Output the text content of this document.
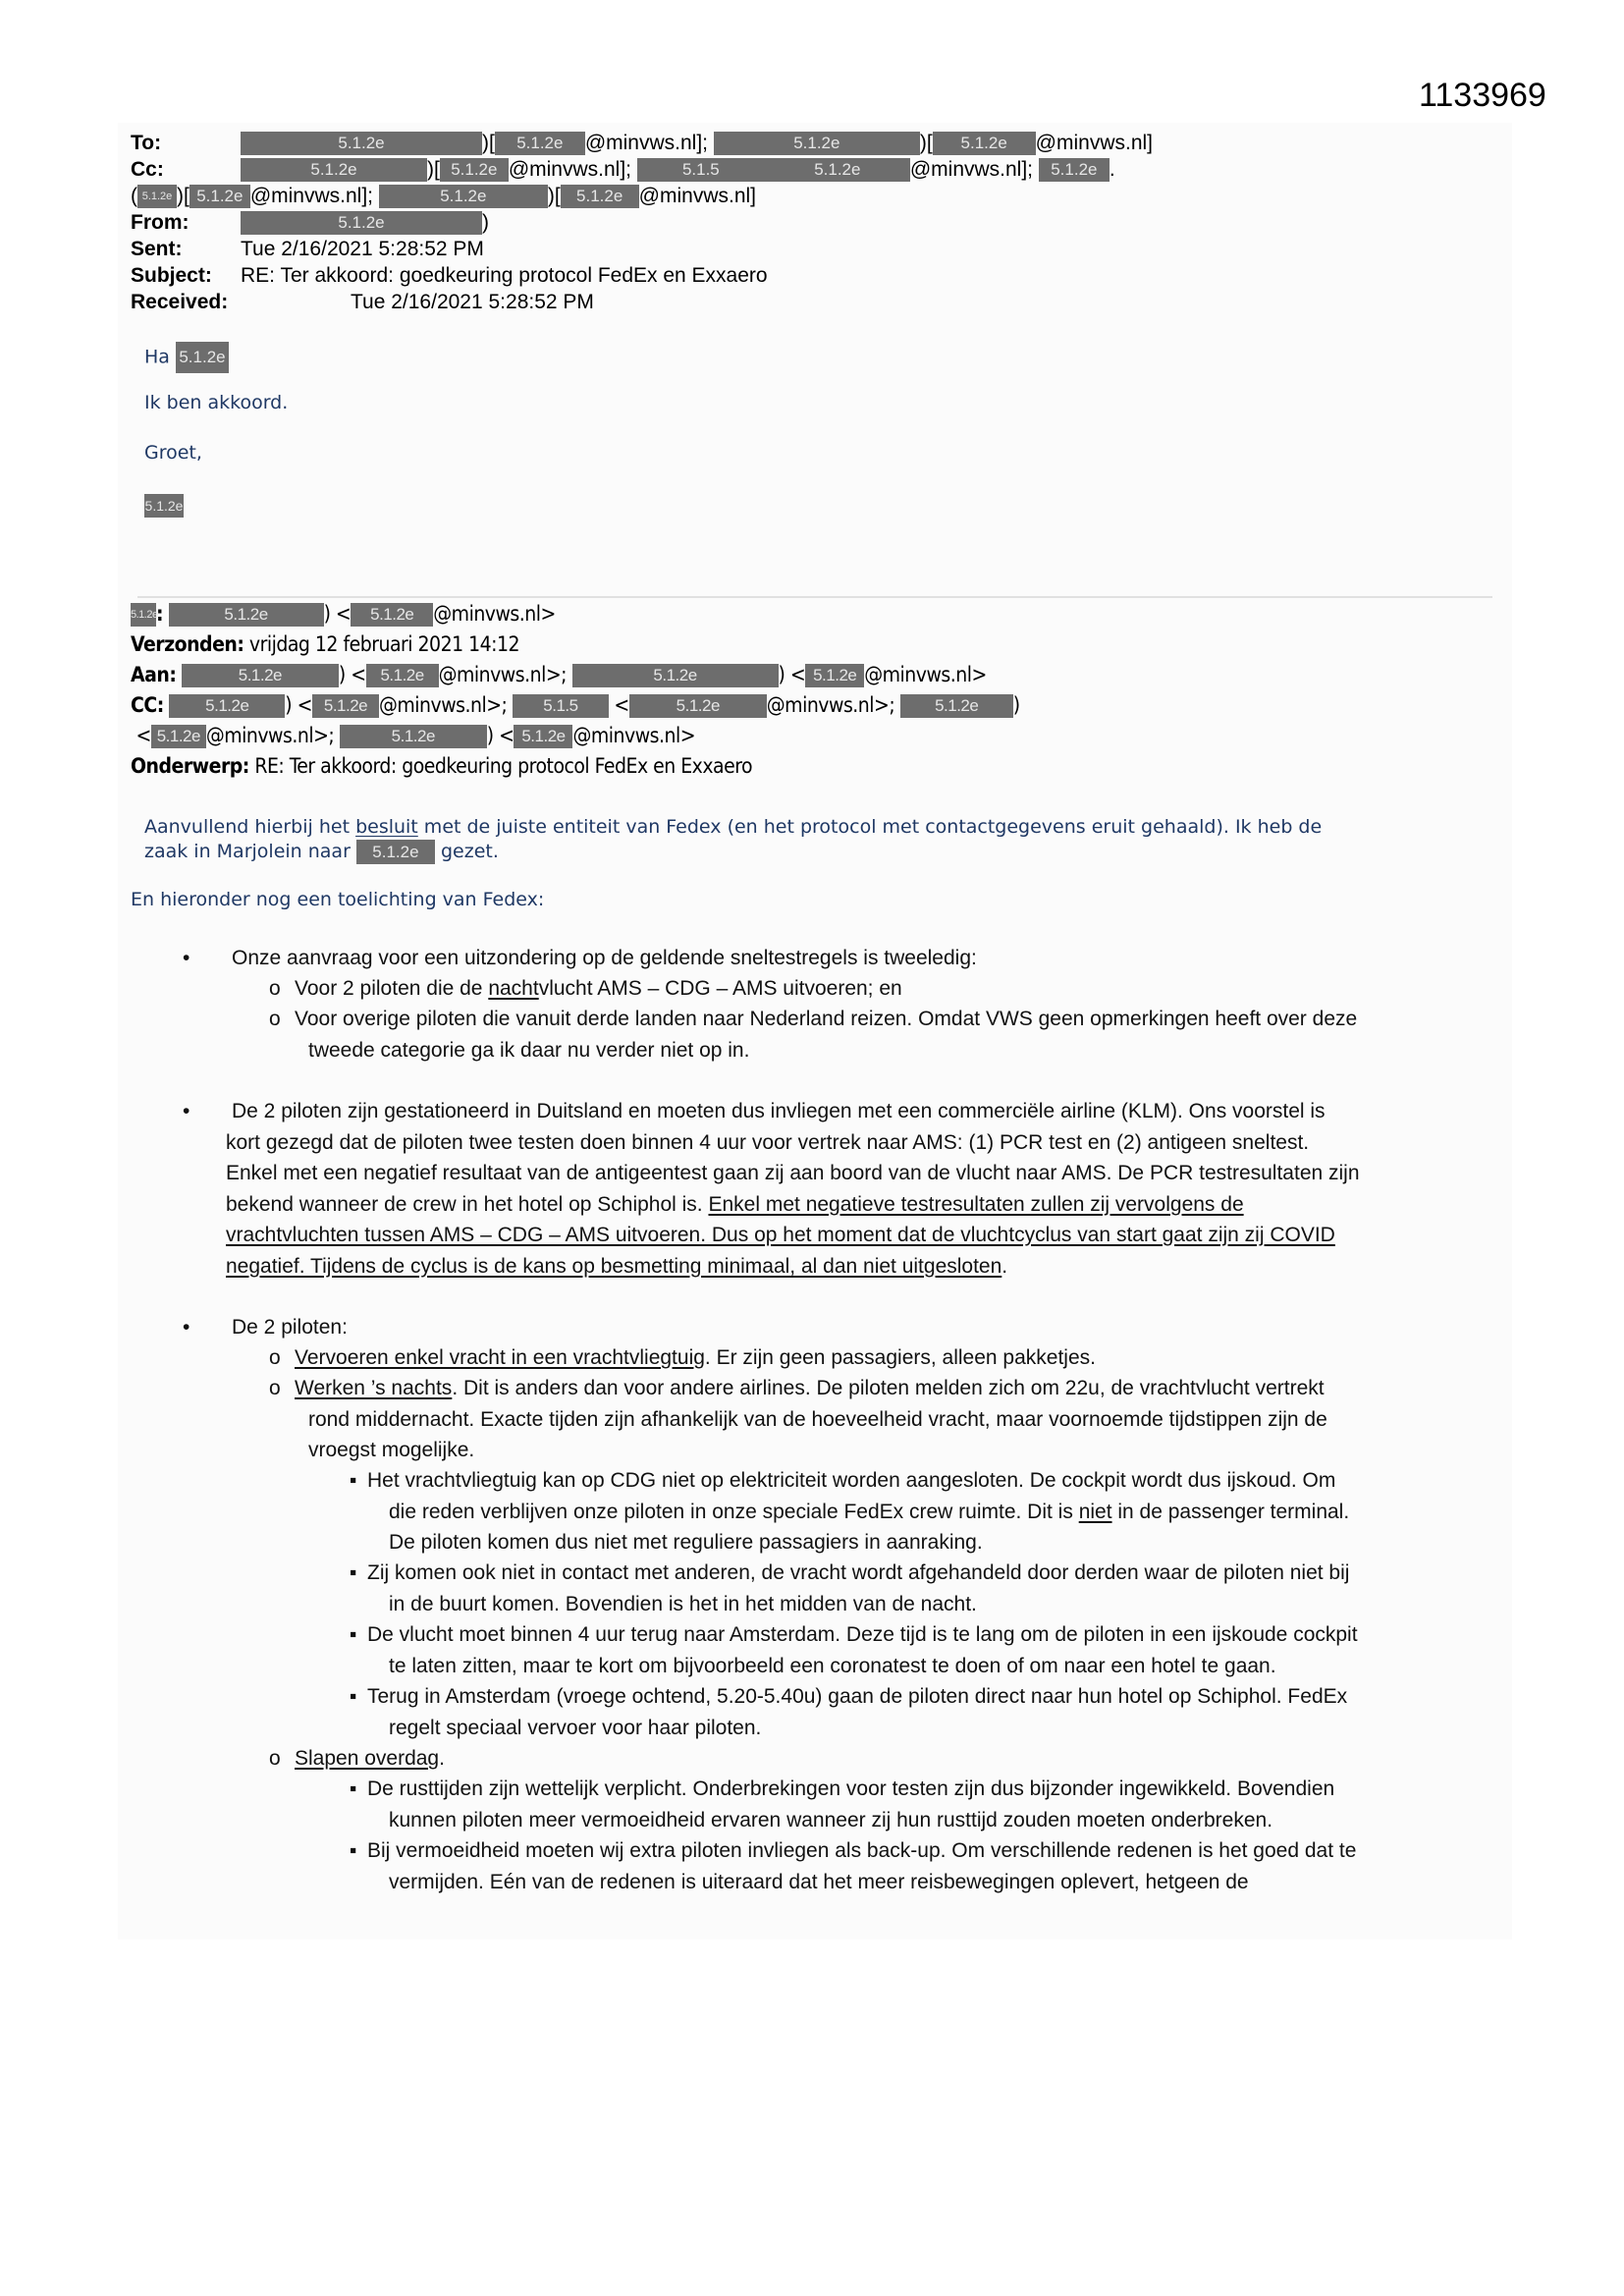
1133969
To:	5.1.2e	)[ 5.1.2e @minvws.nl];	5.1.2e	)[ 5.1.2e @minvws.nl]
Cc:	5.1.2e	)[ 5.1.2e @minvws.nl];	5.1.5	5.1.2e @minvws.nl]; 5.1.2e .
( 5.1.2e )[ 5.1.2e @minvws.nl];	5.1.2e	)[ 5.1.2e @minvws.nl]
From:	5.1.2e	)
Sent:	Tue 2/16/2021 5:28:52 PM
Subject: RE: Ter akkoord: goedkeuring protocol FedEx en Exxaero
Received:	Tue 2/16/2021 5:28:52 PM
Ha 5.1.2e
Ik ben akkoord.
Groet,
5.1.2e
5.1.2e:	5.1.2e	) < 5.1.2e @minvws.nl>
Verzonden: vrijdag 12 februari 2021 14:12
Aan:	5.1.2e	) < 5.1.2e @minvws.nl>;	5.1.2e	) < 5.1.2e @minvws.nl>
CC: 5.1.2e ) < 5.1.2e @minvws.nl>; 5.1.5 <	5.1.2e @minvws.nl>; 5.1.2e )
< 5.1.2e @minvws.nl>;	5.1.2e	) < 5.1.2e @minvws.nl>
Onderwerp: RE: Ter akkoord: goedkeuring protocol FedEx en Exxaero
Aanvullend hierbij het besluit met de juiste entiteit van Fedex (en het protocol met contactgegevens eruit gehaald). Ik heb de
zaak in Marjolein naar 5.1.2e gezet.
En hieronder nog een toelichting van Fedex:
• Onze aanvraag voor een uitzondering op de geldende sneltestregels is tweeledig:
o Voor 2 piloten die de nachtvlucht AMS – CDG – AMS uitvoeren; en
o Voor overige piloten die vanuit derde landen naar Nederland reizen. Omdat VWS geen opmerkingen heeft over deze
tweede categorie ga ik daar nu verder niet op in.
• De 2 piloten zijn gestationeerd in Duitsland en moeten dus invliegen met een commerciële airline (KLM). Ons voorstel is
kort gezegd dat de piloten twee testen doen binnen 4 uur voor vertrek naar AMS: (1) PCR test en (2) antigeen sneltest.
Enkel met een negatief resultaat van de antigeentest gaan zij aan boord van de vlucht naar AMS. De PCR testresultaten zijn
bekend wanneer de crew in het hotel op Schiphol is. Enkel met negatieve testresultaten zullen zij vervolgens de
vrachtvluchten tussen AMS – CDG – AMS uitvoeren. Dus op het moment dat de vluchtcyclus van start gaat zijn zij COVID
negatief. Tijdens de cyclus is de kans op besmetting minimaal, al dan niet uitgesloten.
• De 2 piloten:
o Vervoeren enkel vracht in een vrachtvliegtuig. Er zijn geen passagiers, alleen pakketjes.
o Werken ’s nachts. Dit is anders dan voor andere airlines. De piloten melden zich om 22u, de vrachtvlucht vertrekt
rond middernacht. Exacte tijden zijn afhankelijk van de hoeveelheid vracht, maar voornoemde tijdstippen zijn de
vroegst mogelijke.
▪ Het vrachtvliegtuig kan op CDG niet op elektriciteit worden aangesloten. De cockpit wordt dus ijskoud. Om
die reden verblijven onze piloten in onze speciale FedEx crew ruimte. Dit is niet in de passenger terminal.
De piloten komen dus niet met reguliere passagiers in aanraking.
▪ Zij komen ook niet in contact met anderen, de vracht wordt afgehandeld door derden waar de piloten niet bij
in de buurt komen. Bovendien is het in het midden van de nacht.
▪ De vlucht moet binnen 4 uur terug naar Amsterdam. Deze tijd is te lang om de piloten in een ijskoude cockpit
te laten zitten, maar te kort om bijvoorbeeld een coronatest te doen of om naar een hotel te gaan.
▪ Terug in Amsterdam (vroege ochtend, 5.20-5.40u) gaan de piloten direct naar hun hotel op Schiphol. FedEx
regelt speciaal vervoer voor haar piloten.
o Slapen overdag.
▪ De rusttijden zijn wettelijk verplicht. Onderbrekingen voor testen zijn dus bijzonder ingewikkeld. Bovendien
kunnen piloten meer vermoeidheid ervaren wanneer zij hun rusttijd zouden moeten onderbreken.
▪ Bij vermoeidheid moeten wij extra piloten invliegen als back-up. Om verschillende redenen is het goed dat te
vermijden. Eén van de redenen is uiteraard dat het meer reisbewegingen oplevert, hetgeen de
